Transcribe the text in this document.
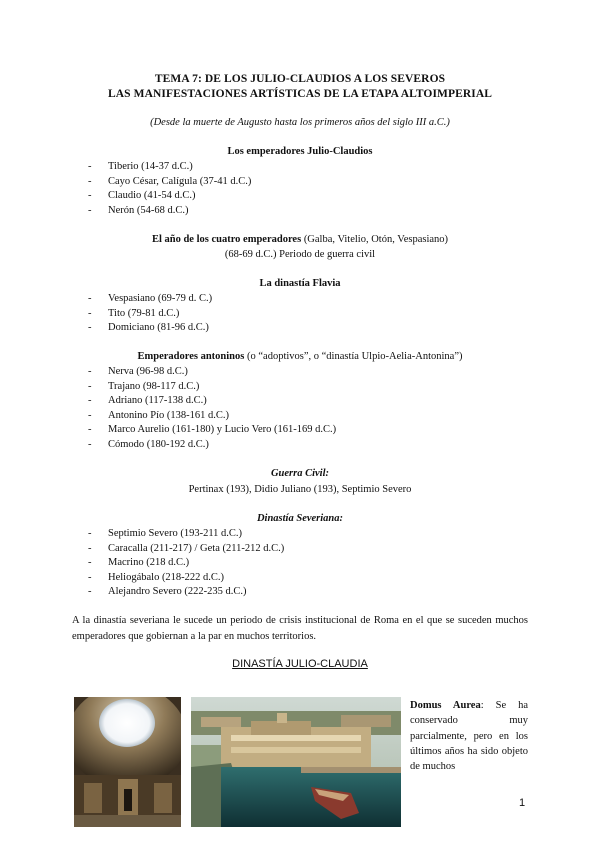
TEMA 7: DE LOS JULIO-CLAUDIOS A LOS SEVEROS
LAS MANIFESTACIONES ARTÍSTICAS DE LA ETAPA ALTOIMPERIAL
(Desde la muerte de Augusto hasta los primeros años del siglo III a.C.)
Los emperadores Julio-Claudios
- Tiberio (14-37 d.C.)
- Cayo César, Calígula (37-41 d.C.)
- Claudio (41-54 d.C.)
- Nerón (54-68 d.C.)
El año de los cuatro emperadores (Galba, Vitelio, Otón, Vespasiano)
(68-69 d.C.) Periodo de guerra civil
La dinastía Flavia
- Vespasiano (69-79 d. C.)
- Tito (79-81 d.C.)
- Domiciano (81-96 d.C.)
Emperadores antoninos (o “adoptivos”, o “dinastía Ulpio-Aelia-Antonina”)
- Nerva (96-98 d.C.)
- Trajano (98-117 d.C.)
- Adriano (117-138 d.C.)
- Antonino Pío (138-161 d.C.)
- Marco Aurelio (161-180) y Lucio Vero (161-169 d.C.)
- Cómodo (180-192 d.C.)
Guerra Civil:
Pertinax (193), Didio Juliano (193), Septimio Severo
Dinastía Severiana:
- Septimio Severo (193-211 d.C.)
- Caracalla (211-217) / Geta (211-212 d.C.)
- Macrino (218 d.C.)
- Heliogábalo (218-222 d.C.)
- Alejandro Severo (222-235 d.C.)
A la dinastía severiana le sucede un periodo de crisis institucional de Roma en el que se suceden muchos emperadores que gobiernan a la par en muchos territorios.
DINASTÍA JULIO-CLAUDIA
Domus Aurea: Se ha conservado muy parcialmente, pero en los últimos años ha sido objeto de muchos
1
